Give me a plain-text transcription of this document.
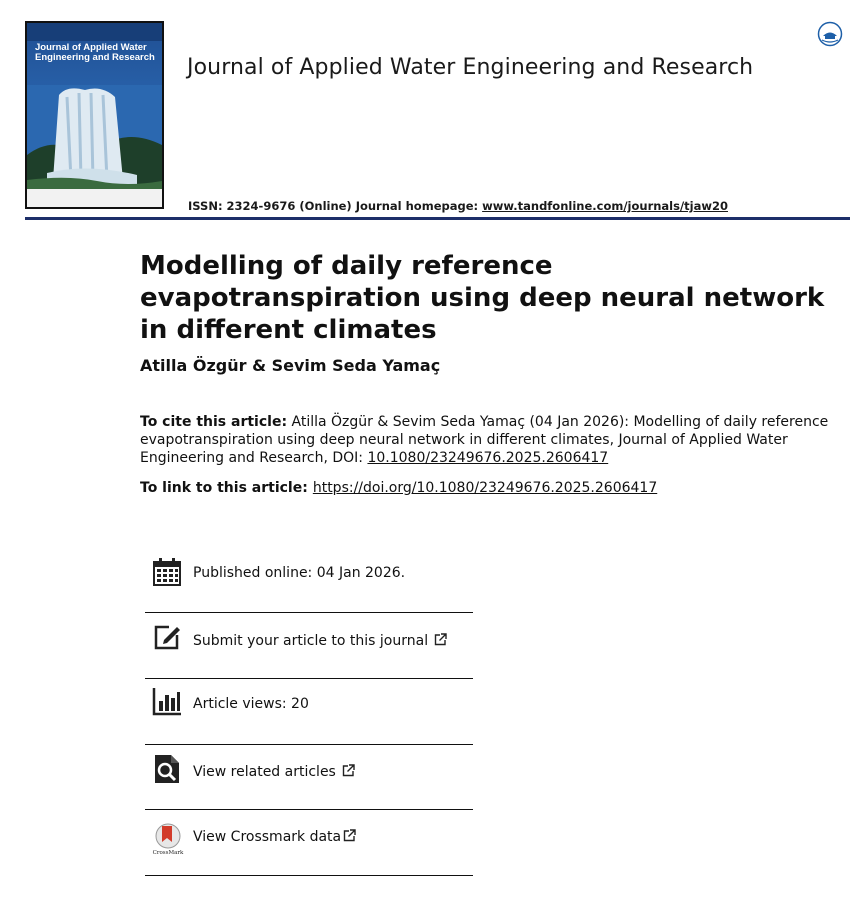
Journal of Applied Water Engineering and Research Journal of Applied Water Engineering and Research
ISSN: 2324-9676 (Online) Journal homepage: www.tandfonline.com/journals/tjaw20
Modelling of daily reference evapotranspiration using deep neural network in different climates
Atilla Özgür & Sevim Seda Yamaç
To cite this article: Atilla Özgür & Sevim Seda Yamaç (04 Jan 2026): Modelling of daily reference evapotranspiration using deep neural network in different climates, Journal of Applied Water Engineering and Research, DOI: 10.1080/23249676.2025.2606417
To link to this article: https://doi.org/10.1080/23249676.2025.2606417
Published online: 04 Jan 2026.
Submit your article to this journal
Article views: 20
View related articles
CrossMark
View Crossmark data
